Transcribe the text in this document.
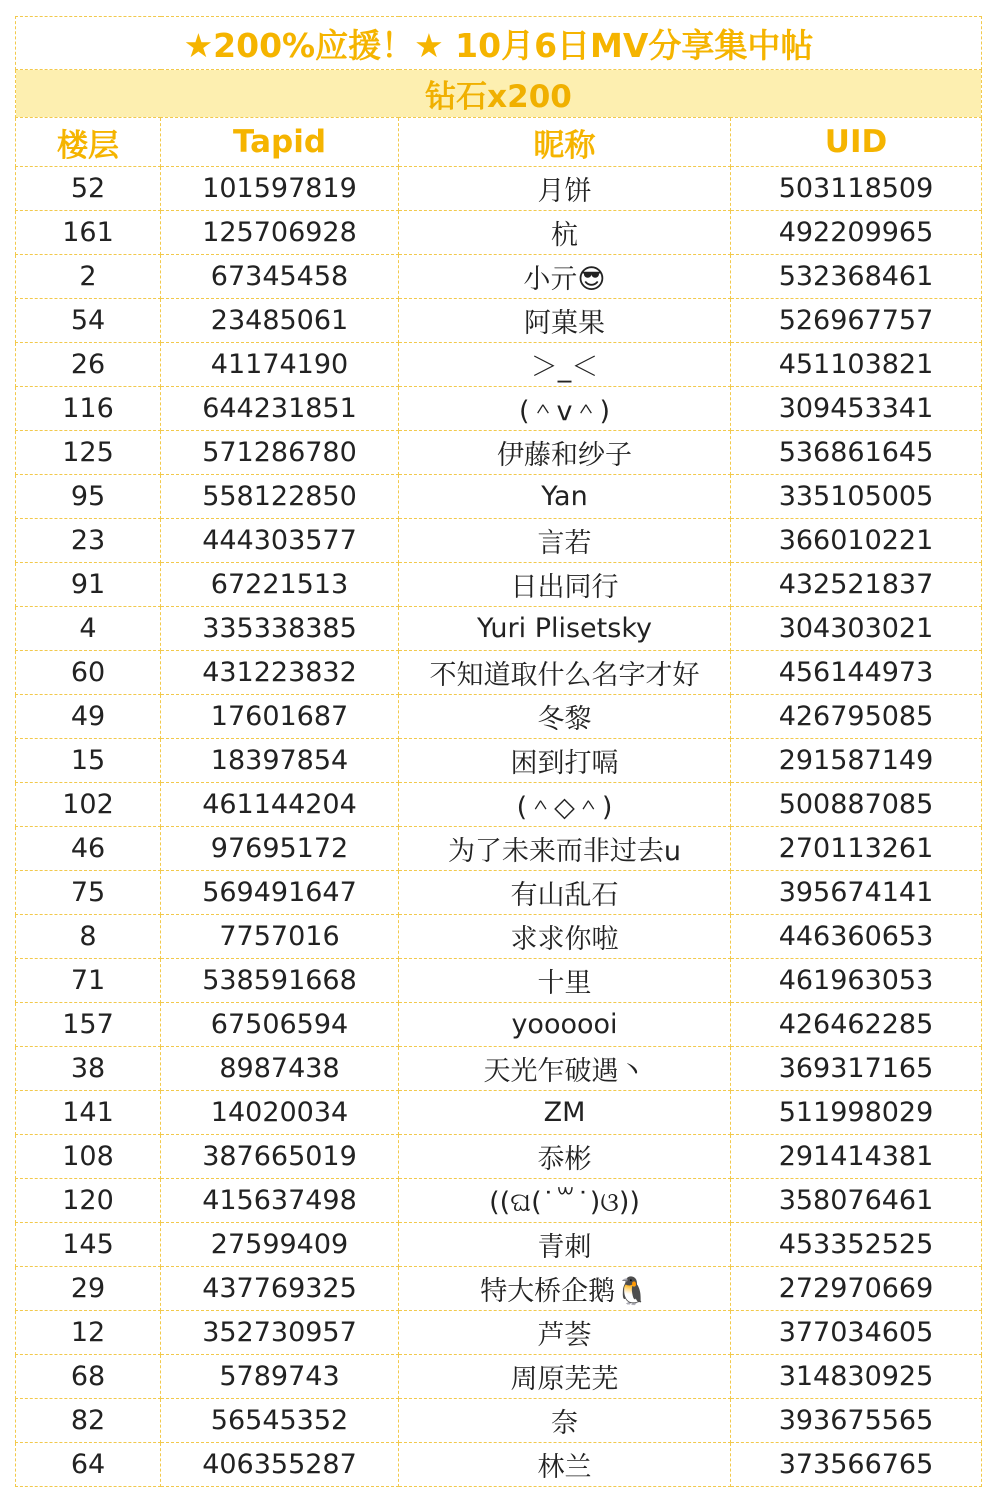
★200%应援！★ 10月6日MV分享集中帖			
钻石x200			
楼层	Tapid	昵称	UID
52	101597819	月饼	503118509
161	125706928	杭	492209965
2	67345458	小亓😎	532368461
54	23485061	阿菓果	526967757
26	41174190	＞_＜	451103821
116	644231851	(＾v＾)	309453341
125	571286780	伊藤和纱子	536861645
95	558122850	Yan	335105005
23	444303577	言若	366010221
91	67221513	日出同行	432521837
4	335338385	Yuri Plisetsky	304303021
60	431223832	不知道取什么名字才好	456144973
49	17601687	冬黎	426795085
15	18397854	困到打嗝	291587149
102	461144204	(＾◇＾)	500887085
46	97695172	为了未来而非过去u	270113261
75	569491647	有山乱石	395674141
8	7757016	求求你啦	446360653
71	538591668	十里	461963053
157	67506594	yoooooi	426462285
38	8987438	天光乍破遇丶	369317165
141	14020034	ZM	511998029
108	387665019	忝彬	291414381
120	415637498	((ଘ(˙꒳˙)ଓ))	358076461
145	27599409	青刺	453352525
29	437769325	特大桥企鹅🐧	272970669
12	352730957	芦荟	377034605
68	5789743	周原芜芜	314830925
82	56545352	奈	393675565
64	406355287	林兰	373566765
